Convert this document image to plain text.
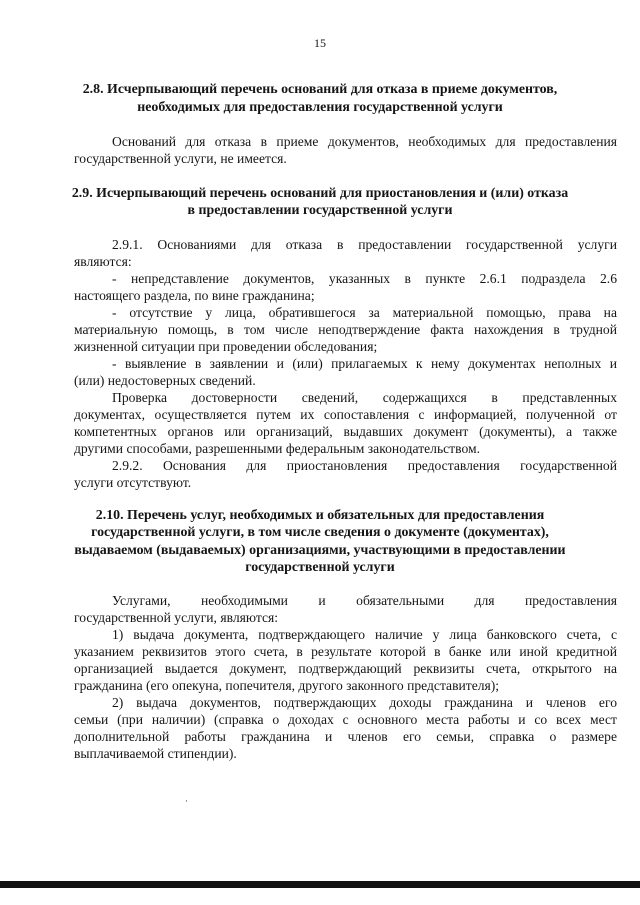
15
2.8. Исчерпывающий перечень оснований для отказа в приеме документов,
необходимых для предоставления государственной услуги
Оснований для отказа в приеме документов, необходимых для предоставления
государственной услуги, не имеется.
2.9. Исчерпывающий перечень оснований для приостановления и (или) отказа
в предоставлении государственной услуги
2.9.1. Основаниями для отказа в предоставлении государственной услуги
являются:
- непредставление документов, указанных в пункте 2.6.1 подраздела 2.6
настоящего раздела, по вине гражданина;
- отсутствие у лица, обратившегося за материальной помощью, права на
материальную помощь, в том числе неподтверждение факта нахождения в трудной
жизненной ситуации при проведении обследования;
- выявление в заявлении и (или) прилагаемых к нему документах неполных и
(или) недостоверных сведений.
Проверка достоверности сведений, содержащихся в представленных
документах, осуществляется путем их сопоставления с информацией, полученной от
компетентных органов или организаций, выдавших документ (документы), а также
другими способами, разрешенными федеральным законодательством.
2.9.2. Основания для приостановления предоставления государственной
услуги отсутствуют.
2.10. Перечень услуг, необходимых и обязательных для предоставления
государственной услуги, в том числе сведения о документе (документах),
выдаваемом (выдаваемых) организациями, участвующими в предоставлении
государственной услуги
Услугами, необходимыми и обязательными для предоставления
государственной услуги, являются:
1) выдача документа, подтверждающего наличие у лица банковского счета, с
указанием реквизитов этого счета, в результате которой в банке или иной кредитной
организацией выдается документ, подтверждающий реквизиты счета, открытого на
гражданина (его опекуна, попечителя, другого законного представителя);
2) выдача документов, подтверждающих доходы гражданина и членов его
семьи (при наличии) (справка о доходах с основного места работы и со всех мест
дополнительной работы гражданина и членов его семьи, справка о размере
выплачиваемой стипендии).
